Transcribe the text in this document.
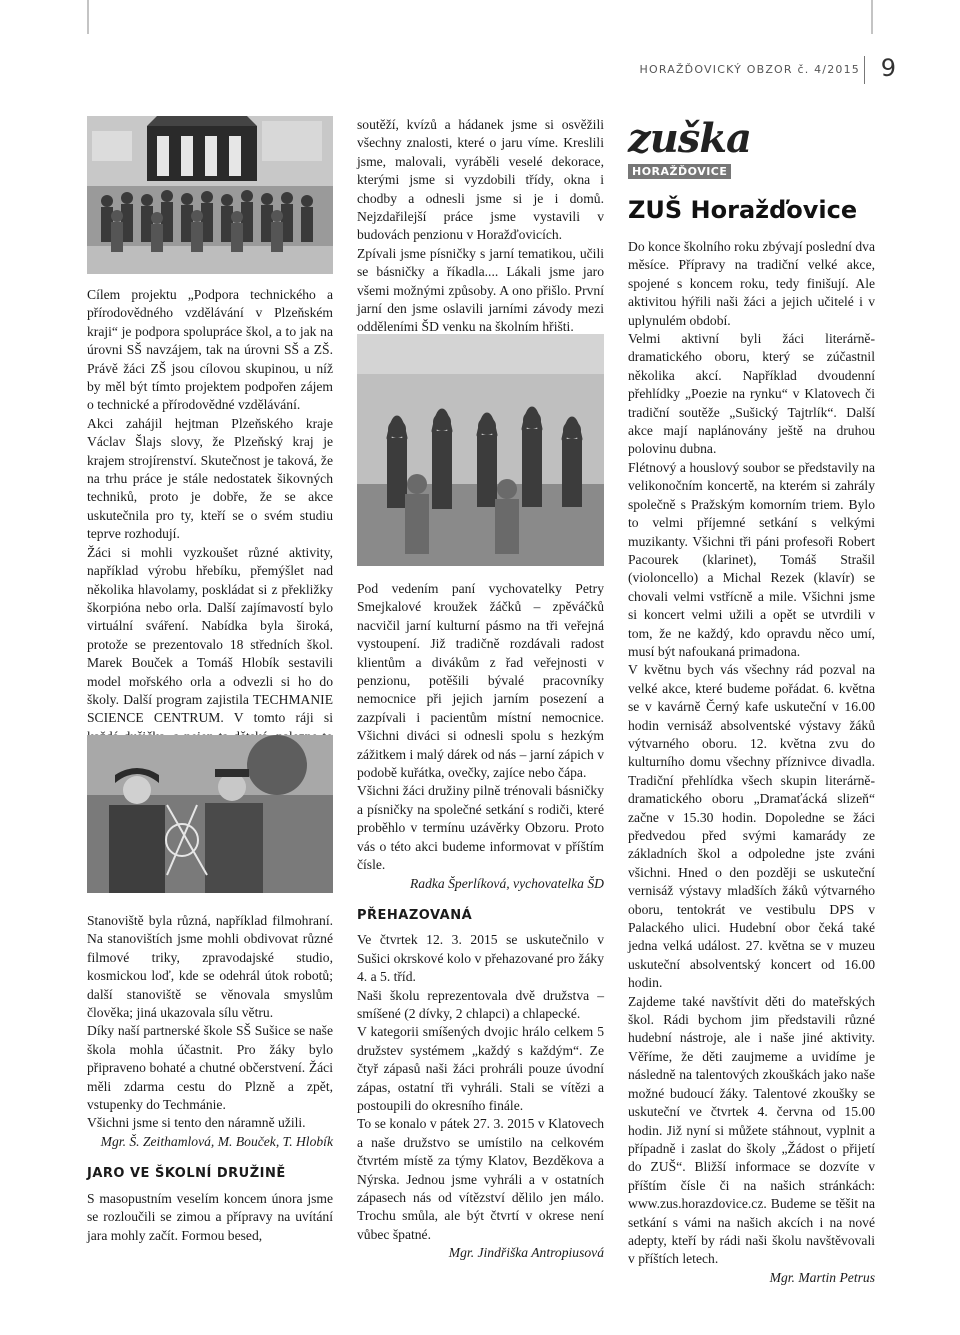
HORAŽĎOVICKÝ OBZOR č. 4/2015 9

Cílem projektu „Podpora technického a přírodovědného vzdělávání v Plzeňském kraji“ je podpora spolupráce škol, a to jak na úrovni SŠ navzájem, tak na úrovni SŠ a ZŠ. Právě žáci ZŠ jsou cílovou skupinou, u níž by měl být tímto projektem podpořen zájem o technické a přírodovědné vzdělávání.

Akci zahájil hejtman Plzeňského kraje Václav Šlajs slovy, že Plzeňský kraj je krajem strojírenství. Skutečnost je taková, že na trhu práce je stále nedostatek šikovných techniků, proto je dobře, že se akce uskutečnila pro ty, kteří se o svém studiu teprve rozhodují.

Žáci si mohli vyzkoušet různé aktivity, například výrobu hřebíku, přemýšlet nad několika hlavolamy, poskládat si z překližky škorpióna nebo orla. Další zajímavostí bylo virtuální sváření. Nabídka byla široká, protože se prezentovalo 18 středních škol. Marek Bouček a Tomáš Hlobík sestavili model mořského orla a odvezli si ho do školy. Další program zajistila TECHMANIE SCIENCE CENTRUM. V tomto ráji si

Stanoviště byla různá, například filmohraní. Na stanovištích jsme mohli obdivovat různé filmové triky, zpravodajské studio, kosmickou loď, kde se odehrál útok robotů; další stanoviště se věnovala smyslům člověka; jiná ukazovala sílu větru.

Díky naší partnerské škole SŠ Sušice se naše škola mohla účastnit. Pro žáky bylo připraveno bohaté a chutné občerstvení. Žáci měli zdarma cestu do Plzně a zpět, vstupenky do Techmánie.

Všichni jsme si tento den náramně užili.

Mgr. Š. Zeithamlová, M. Bouček, T. Hlobík

JARO VE ŠKOLNÍ DRUŽINĚ

S masopustním veselím koncem února jsme se rozloučili se zimou a přípravy na uvítání jara mohly začít. Formou besed,

soutěží, kvízů a hádanek jsme si osvěžili všechny znalosti, které o jaru víme. Kreslili jsme, malovali, vyráběli veselé dekorace, kterými jsme si vyzdobili třídy, okna i chodby a odnesli jsme si je i domů. Nejzdařilejší práce jsme vystavili v budovách penzionu v Horažďovicích.

Zpívali jsme písničky s jarní tematikou, učili se básničky a říkadla.... Lákali jsme jaro všemi možnými způsoby. A ono přišlo. První jarní den jsme oslavili jarními závody mezi odděleními ŠD venku na školním hřišti.

Pod vedením paní vychovatelky Petry Smejkalové kroužek žáčků – zpěváčků nacvičil jarní kulturní pásmo na tři veřejná vystoupení. Již tradičně rozdávali radost klientům a divákům z řad veřejnosti v penzionu, potěšili bývalé pracovníky nemocnice při jejich jarním posezení a zazpívali i pacientům místní nemocnice. Všichni diváci si odnesli spolu s hezkým zážitkem i malý dárek od nás – jarní zápich v podobě kuřátka, ovečky, zajíce nebo čápa.

Všichni žáci družiny pilně trénovali básničky a písničky na společné setkání s rodiči, které proběhlo v termínu uzávěrky Obzoru. Proto vás o této akci budeme informovat v příštím čísle.

Radka Šperlíková, vychovatelka ŠD

PŘEHAZOVANÁ

Ve čtvrtek 12. 3. 2015 se uskutečnilo v Sušici okrskové kolo v přehazované pro žáky 4. a 5. tříd.

Naši školu reprezentovala dvě družstva – smíšené (2 dívky, 2 chlapci) a chlapecké.

V kategorii smíšených dvojic hrálo celkem 5 družstev systémem „každý s každým“. Ze čtyř zápasů naši žáci prohráli pouze úvodní zápas, ostatní tři vyhráli. Stali se vítězi a postoupili do okresního finále.

To se konalo v pátek 27. 3. 2015 v Klatovech a naše družstvo se umístilo na celkovém čtvrtém místě za týmy Klatov, Bezděkova a Nýrska. Jednou jsme vyhráli a v ostatních zápasech nás od vítězství dělilo jen málo. Trochu smůla, ale být čtvrtí v okrese není vůbec špatné.

Mgr. Jindřiška Antropiusová

zuška
HORAŽĎOVICE
ZUŠ Horažďovice

Do konce školního roku zbývají poslední dva měsíce. Přípravy na tradiční velké akce, spojené s koncem roku, tedy finišují. Ale aktivitou hýřili naši žáci a jejich učitelé i v uplynulém období.

Velmi aktivní byli žáci literárně-dramatického oboru, který se zúčastnil několika akcí. Například dvoudenní přehlídky „Poezie na rynku“ v Klatovech či tradiční soutěže „Sušický Tajtrlík“. Další akce mají naplánovány ještě na druhou polovinu dubna.

Flétnový a houslový soubor se představily na velikonočním koncertě, na kterém si zahrály společně s Pražským komorním triem. Bylo to velmi příjemné setkání s velkými muzikanty. Všichni tři páni profesoři Robert Pacourek (klarinet), Tomáš Strašil (violoncello) a Michal Rezek (klavír) se chovali velmi vstřícně a mile. Všichni jsme si koncert velmi užili a opět se utvrdili v tom, že ne každý, kdo opravdu něco umí, musí být nafoukaná primadona.

V květnu bych vás všechny rád pozval na velké akce, které budeme pořádat. 6. května se v kavárně Černý kafe uskuteční v 16.00 hodin vernisáž absolventské výstavy žáků výtvarného oboru. 12. května zvu do kulturního domu všechny příznivce divadla. Tradiční přehlídka všech skupin literárně-dramatického oboru „Dramaťácká slizeň“ začne v 15.30 hodin. Dopoledne se žáci předvedou před svými kamarády ze základních škol a odpoledne jste zváni všichni. Hned o den později se uskuteční vernisáž výstavy mladších žáků výtvarného oboru, tentokrát ve vestibulu DPS v Palackého ulici. Hudební obor čeká také jedna velká událost. 27. května se v muzeu uskuteční absolventský koncert od 16.00 hodin.

Zajdeme také navštívit děti do mateřských škol. Rádi bychom jim představili různé hudební nástroje, ale i naše jiné aktivity. Věříme, že děti zaujmeme a uvidíme je následně na talentových zkouškách jako naše možné budoucí žáky. Talentové zkoušky se uskuteční ve čtvrtek 4. června od 15.00 hodin. Již nyní si můžete stáhnout, vyplnit a případně i zaslat do školy „Žádost o přijetí do ZUŠ“. Bližší informace se dozvíte v příštím čísle či na našich stránkách: www.zus.horazdovice.cz. Budeme se těšit na setkání s vámi na našich akcích i na nové adepty, kteří by rádi naši školu navštěvovali v příštích letech.

Mgr. Martin Petrus
